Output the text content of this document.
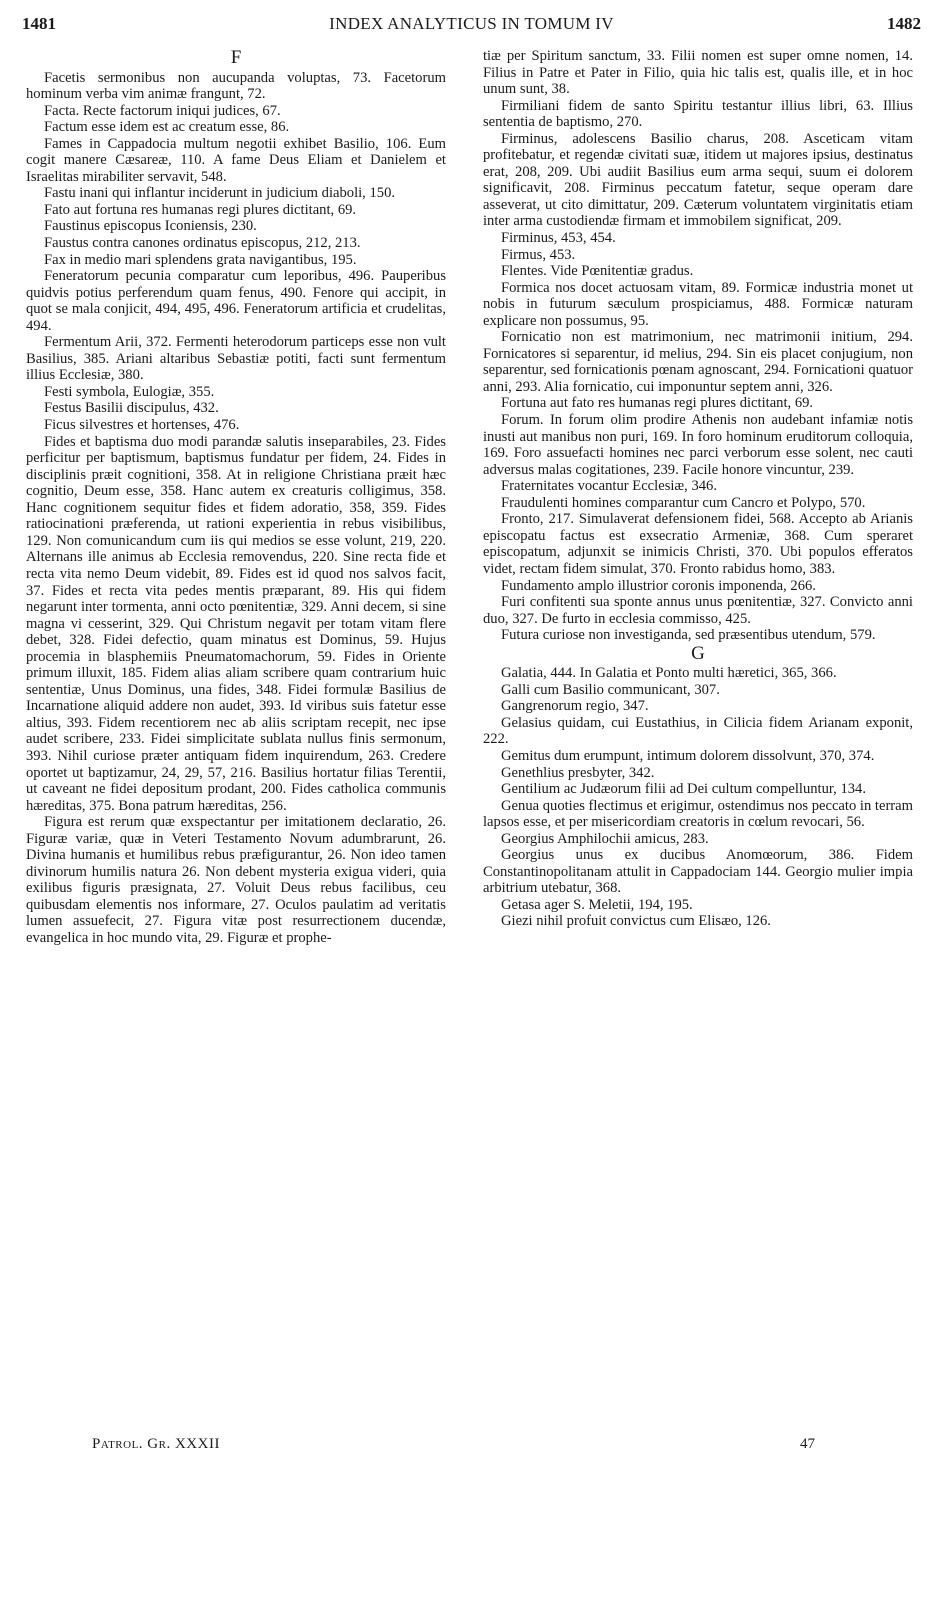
1481	INDEX ANALYTICUS IN TOMUM IV	1482
F

Facetis sermonibus non aucupanda voluptas, 73. Facetorum hominum verba vim animæ frangunt, 72.

Facta. Recte factorum iniqui judices, 67.

Factum esse idem est ac creatum esse, 86.

Fames in Cappadocia multum negotii exhibet Basilio, 106. Eum cogit manere Cæsareæ, 110. A fame Deus Eliam et Danielem et Israelitas mirabiliter servavit, 548.

Fastu inani qui inflantur inciderunt in judicium diaboli, 150.

Fato aut fortuna res humanas regi plures dictitant, 69.

Faustinus episcopus Iconiensis, 230.

Faustus contra canones ordinatus episcopus, 212, 213.

Fax in medio mari splendens grata navigantibus, 195.

Feneratorum pecunia comparatur cum leporibus, 496. Pauperibus quidvis potius perferendum quam fenus, 490. Fenore qui accipit, in quot se mala conjicit, 494, 495, 496. Feneratorum artificia et crudelitas, 494.

Fermentum Arii, 372. Fermenti heterodorum particeps esse non vult Basilius, 385. Ariani altaribus Sebastiæ potiti, facti sunt fermentum illius Ecclesiæ, 380.

Festi symbola, Eulogiæ, 355.

Festus Basilii discipulus, 432.

Ficus silvestres et hortenses, 476.

Fides et baptisma duo modi parandæ salutis inseparabiles, 23. Fides perficitur per baptismum, baptismus fundatur per fidem, 24. Fides in disciplinis præit cognitioni, 358. At in religione Christiana præit hæc cognitio, Deum esse, 358. Hanc autem ex creaturis colligimus, 358. Hanc cognitionem sequitur fides et fidem adoratio, 358, 359. Fides ratiocinationi præferenda, ut rationi experientia in rebus visibilibus, 129. Non comunicandum cum iis qui medios se esse volunt, 219, 220. Alternans ille animus ab Ecclesia removendus, 220. Sine recta fide et recta vita nemo Deum videbit, 89. Fides est id quod nos salvos facit, 37. Fides et recta vita pedes mentis præparant, 89. His qui fidem negarunt inter tormenta, anni octo pœnitentiæ, 329. Anni decem, si sine magna vi cesserint, 329. Qui Christum negavit per totam vitam flere debet, 328. Fidei defectio, quam minatus est Dominus, 59. Hujus procemia in blasphemiis Pneumatomachorum, 59. Fides in Oriente primum illuxit, 185. Fidem alias aliam scribere quam contrarium huic sententiæ, Unus Dominus, una fides, 348. Fidei formulæ Basilius de Incarnatione aliquid addere non audet, 393. Id viribus suis fatetur esse altius, 393. Fidem recentiorem nec ab aliis scriptam recepit, nec ipse audet scribere, 233. Fidei simplicitate sublata nullus finis sermonum, 393. Nihil curiose præter antiquam fidem inquirendum, 263. Credere oportet ut baptizamur, 24, 29, 57, 216. Basilius hortatur filias Terentii, ut caveant ne fidei depositum prodant, 200. Fides catholica communis hæreditas, 375. Bona patrum hæreditas, 256.

Figura est rerum quæ exspectantur per imitationem declaratio, 26. Figuræ variæ, quæ in Veteri Testamento Novum adumbrarunt, 26. Divina humanis et humilibus rebus præfigurantur, 26. Non ideo tamen divinorum humilis natura 26. Non debent mysteria exigua videri, quia exilibus figuris præsignata, 27. Voluit Deus rebus facilibus, ceu quibusdam elementis nos informare, 27. Oculos paulatim ad veritatis lumen assuefecit, 27. Figura vitæ post resurrectionem ducendæ, evangelica in hoc mundo vita, 29. Figuræ et prophe-

tiæ per Spiritum sanctum, 33. Filii nomen est super omne nomen, 14. Filius in Patre et Pater in Filio, quia hic talis est, qualis ille, et in hoc unum sunt, 38.

Firmiliani fidem de santo Spiritu testantur illius libri, 63. Illius sententia de baptismo, 270.

Firminus, adolescens Basilio charus, 208. Asceticam vitam profitebatur, et regendæ civitati suæ, itidem ut majores ipsius, destinatus erat, 208, 209. Ubi audiit Basilius eum arma sequi, suum ei dolorem significavit, 208. Firminus peccatum fatetur, seque operam dare asseverat, ut cito dimittatur, 209. Cæterum voluntatem virginitatis etiam inter arma custodiendæ firmam et immobilem significat, 209.

Firminus, 453, 454.

Firmus, 453.

Flentes. Vide Pœnitentiæ gradus.

Formica nos docet actuosam vitam, 89. Formicæ industria monet ut nobis in futurum sæculum prospiciamus, 488. Formicæ naturam explicare non possumus, 95.

Fornicatio non est matrimonium, nec matrimonii initium, 294. Fornicatores si separentur, id melius, 294. Sin eis placet conjugium, non separentur, sed fornicationis pœnam agnoscant, 294. Fornicationi quatuor anni, 293. Alia fornicatio, cui imponuntur septem anni, 326.

Fortuna aut fato res humanas regi plures dictitant, 69.

Forum. In forum olim prodire Athenis non audebant infamiæ notis inusti aut manibus non puri, 169. In foro hominum eruditorum colloquia, 169. Foro assuefacti homines nec parci verborum esse solent, nec cauti adversus malas cogitationes, 239. Facile honore vincuntur, 239.

Fraternitates vocantur Ecclesiæ, 346.

Fraudulenti homines comparantur cum Cancro et Polypo, 570.

Fronto, 217. Simulaverat defensionem fidei, 568. Accepto ab Arianis episcopatu factus est exsecratio Armeniæ, 368. Cum speraret episcopatum, adjunxit se inimicis Christi, 370. Ubi populos efferatos videt, rectam fidem simulat, 370. Fronto rabidus homo, 383.

Fundamento amplo illustrior coronis imponenda, 266.

Furi confitenti sua sponte annus unus pœnitentiæ, 327. Convicto anni duo, 327. De furto in ecclesia commisso, 425.

Futura curiose non investiganda, sed præsentibus utendum, 579.

G

Galatia, 444. In Galatia et Ponto multi hæretici, 365, 366.

Galli cum Basilio communicant, 307.

Gangrenorum regio, 347.

Gelasius quidam, cui Eustathius, in Cilicia fidem Arianam exponit, 222.

Gemitus dum erumpunt, intimum dolorem dissolvunt, 370, 374.

Genethlius presbyter, 342.

Gentilium ac Judæorum filii ad Dei cultum compelluntur, 134.

Genua quoties flectimus et erigimur, ostendimus nos peccato in terram lapsos esse, et per misericordiam creatoris in cœlum revocari, 56.

Georgius Amphilochii amicus, 283.

Georgius unus ex ducibus Anomœorum, 386. Fidem Constantinopolitanam attulit in Cappadociam 144. Georgio mulier impia arbitrium utebatur, 368.

Getasa ager S. Meletii, 194, 195.

Giezi nihil profuit convictus cum Elisæo, 126.

Patrol. Gr. XXXII	47
